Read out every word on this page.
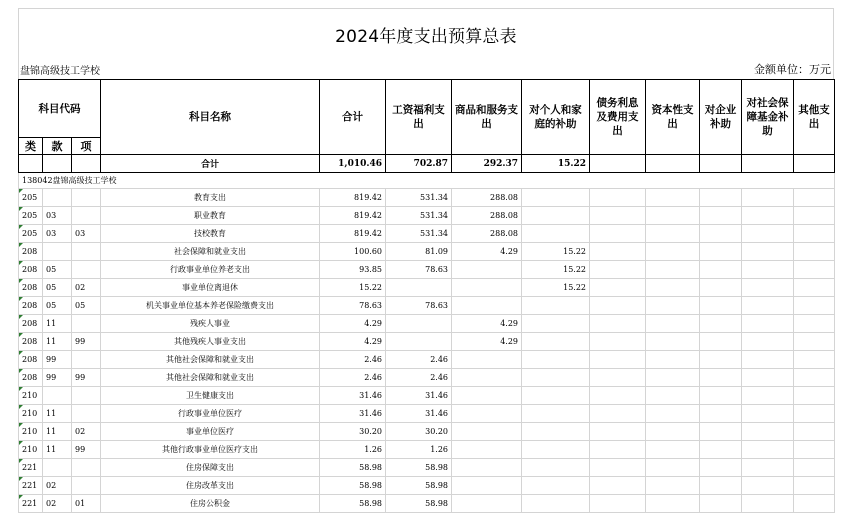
2024年度支出预算总表
盘锦高级技工学校	金额单位：万元
科目代码			科目名称	合计	工资福利支出	商品和服务支出	对个人和家庭的补助	债务利息及费用支出	资本性支出	对企业补助	对社会保障基金补助	其他支出
类	款	项										
			合计	1,010.46	702.87	292.37	15.22					
138042盘锦高级技工学校												
205			教育支出	819.42	531.34	288.08						
205	03		职业教育	819.42	531.34	288.08						
205	03	03	技校教育	819.42	531.34	288.08						
208			社会保障和就业支出	100.60	81.09	4.29	15.22					
208	05		行政事业单位养老支出	93.85	78.63		15.22					
208	05	02	事业单位离退休	15.22			15.22					
208	05	05	机关事业单位基本养老保险缴费支出	78.63	78.63							
208	11		残疾人事业	4.29		4.29						
208	11	99	其他残疾人事业支出	4.29		4.29						
208	99		其他社会保障和就业支出	2.46	2.46							
208	99	99	其他社会保障和就业支出	2.46	2.46							
210			卫生健康支出	31.46	31.46							
210	11		行政事业单位医疗	31.46	31.46							
210	11	02	事业单位医疗	30.20	30.20							
210	11	99	其他行政事业单位医疗支出	1.26	1.26							
221			住房保障支出	58.98	58.98							
221	02		住房改革支出	58.98	58.98							
221	02	01	住房公积金	58.98	58.98							
